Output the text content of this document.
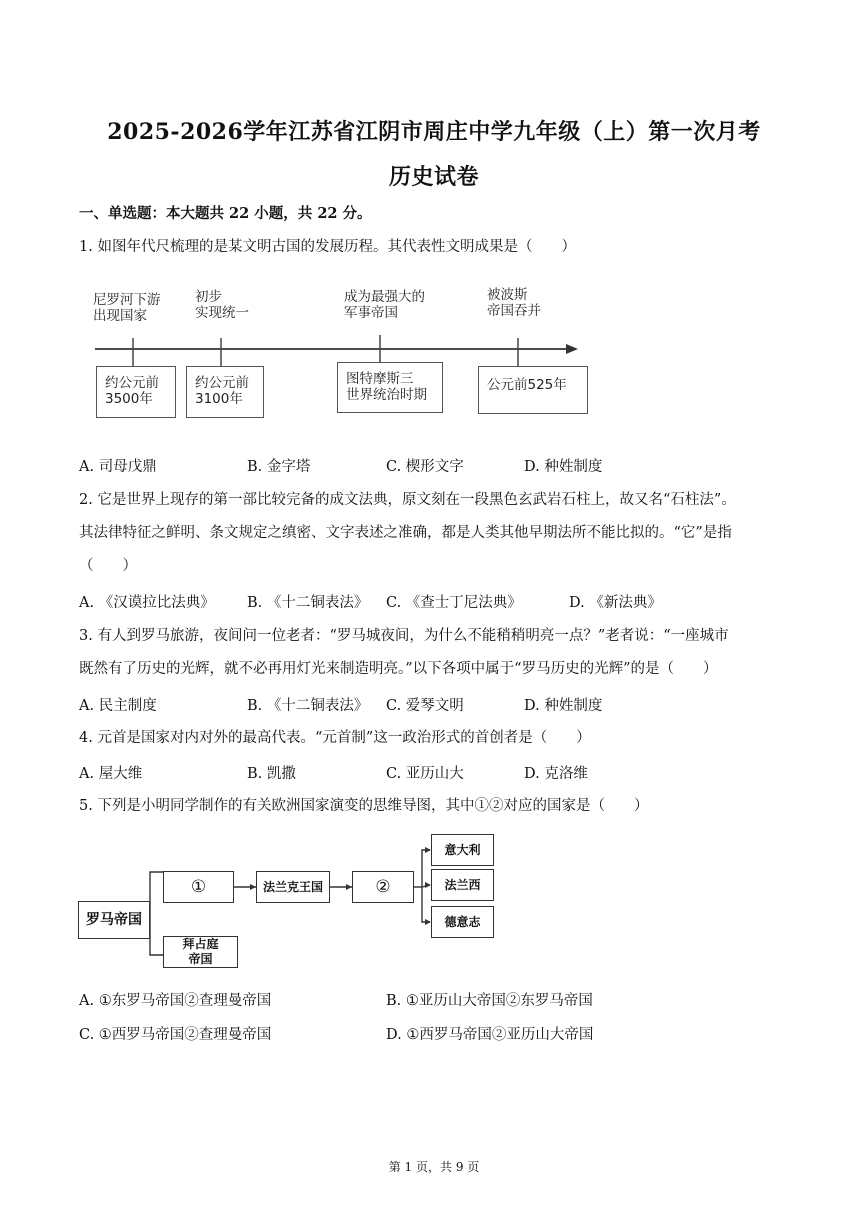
2025-2026学年江苏省江阴市周庄中学九年级（上）第一次月考
历史试卷
一、单选题：本大题共 22 小题，共 22 分。
1. 如图年代尺梳理的是某文明古国的发展历程。其代表性文明成果是（　　）
尼罗河下游
出现国家
初步
实现统一
成为最强大的
军事帝国
被波斯
帝国吞并
约公元前
3500年
约公元前
3100年
图特摩斯三
世界统治时期
公元前525年
A. 司母戊鼎	B. 金字塔	C. 楔形文字	D. 种姓制度
2. 它是世界上现存的第一部比较完备的成文法典，原文刻在一段黑色玄武岩石柱上，故又名“石柱法”。
其法律特征之鲜明、条文规定之缜密、文字表述之准确，都是人类其他早期法所不能比拟的。“它”是指
（　　）
A. 《汉谟拉比法典》 B. 《十二铜表法》 C. 《查士丁尼法典》	D. 《新法典》
3. 有人到罗马旅游，夜间问一位老者：“罗马城夜间，为什么不能稍稍明亮一点？”老者说：“一座城市
既然有了历史的光辉，就不必再用灯光来制造明亮。”以下各项中属于“罗马历史的光辉”的是（　　）
A. 民主制度	B. 《十二铜表法》 C. 爱琴文明	D. 种姓制度
4. 元首是国家对内对外的最高代表。“元首制”这一政治形式的首创者是（　　）
A. 屋大维	B. 凯撒	C. 亚历山大	D. 克洛维
5. 下列是小明同学制作的有关欧洲国家演变的思维导图，其中①②对应的国家是（　　）
罗马帝国
①
拜占庭帝国
法兰克王国	②
意大利
法兰西
德意志
A. ①东罗马帝国②查理曼帝国	B. ①亚历山大帝国②东罗马帝国
C. ①西罗马帝国②查理曼帝国	D. ①西罗马帝国②亚历山大帝国
第 1 页，共 9 页
